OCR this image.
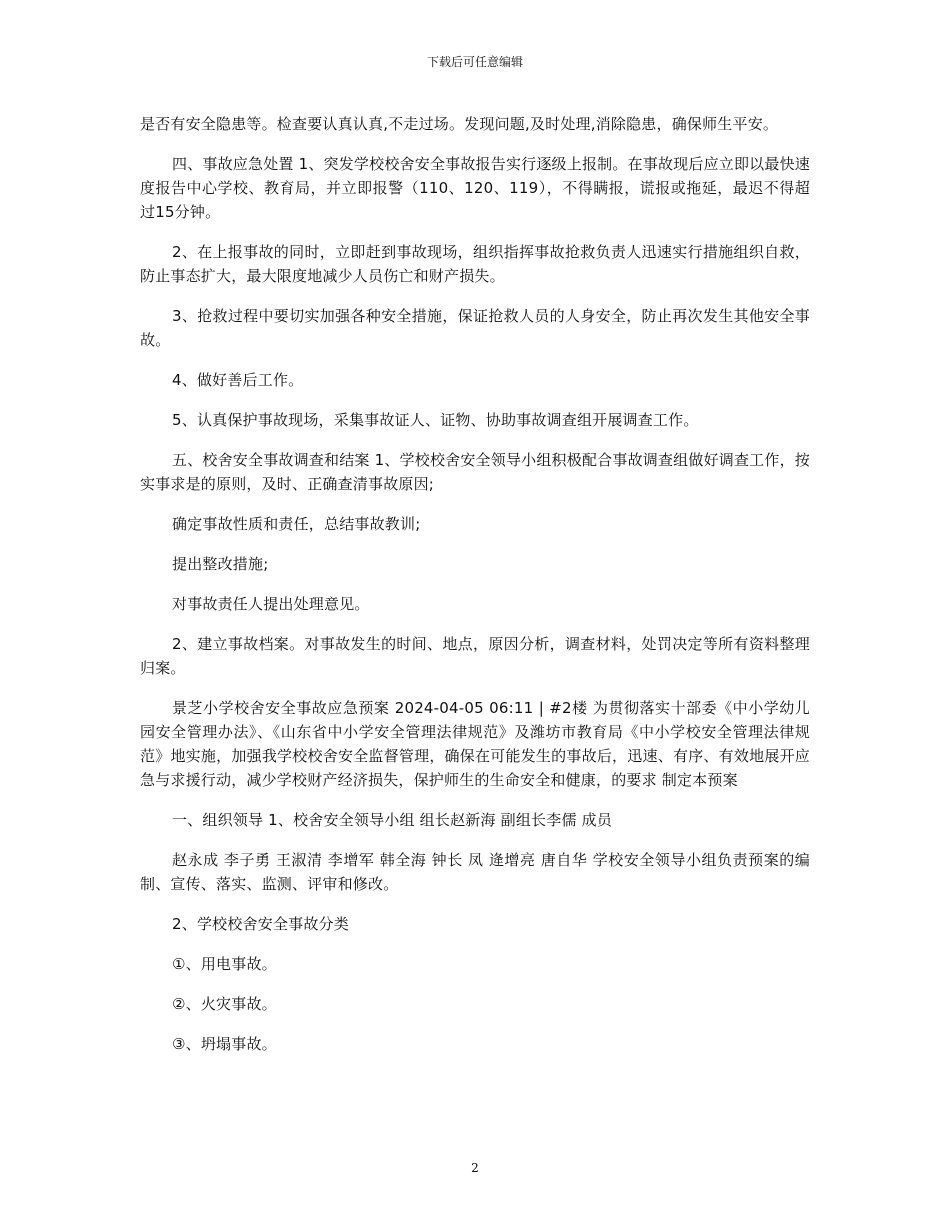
下载后可任意编辑

是否有安全隐患等。检查要认真认真,不走过场。发现问题,及时处理,消除隐患，确保师生平安。

四、事故应急处置 1、突发学校校舍安全事故报告实行逐级上报制。在事故现后应立即以最快速度报告中心学校、教育局，并立即报警（110、120、119），不得瞒报，谎报或拖延，最迟不得超过15分钟。

2、在上报事故的同时，立即赶到事故现场，组织指挥事故抢救负责人迅速实行措施组织自救，防止事态扩大，最大限度地减少人员伤亡和财产损失。

3、抢救过程中要切实加强各种安全措施，保证抢救人员的人身安全，防止再次发生其他安全事故。

4、做好善后工作。

5、认真保护事故现场，采集事故证人、证物、协助事故调查组开展调查工作。

五、校舍安全事故调查和结案 1、学校校舍安全领导小组积极配合事故调查组做好调查工作，按实事求是的原则，及时、正确查清事故原因;

确定事故性质和责任，总结事故教训;

提出整改措施;

对事故责任人提出处理意见。

2、建立事故档案。对事故发生的时间、地点，原因分析，调查材料，处罚决定等所有资料整理归案。

景芝小学校舍安全事故应急预案 2024-04-05 06:11 | #2楼 为贯彻落实十部委《中小学幼儿园安全管理办法》、《山东省中小学安全管理法律规范》及潍坊市教育局《中小学校安全管理法律规范》地实施，加强我学校校舍安全监督管理，确保在可能发生的事故后，迅速、有序、有效地展开应急与求援行动，减少学校财产经济损失，保护师生的生命安全和健康，的要求 制定本预案

一、组织领导 1、校舍安全领导小组 组长赵新海 副组长李儒 成员

赵永成 李子勇 王淑清 李增军 韩全海 钟长 凤 逄增亮 唐自华 学校安全领导小组负责预案的编制、宣传、落实、监测、评审和修改。

2、学校校舍安全事故分类

①、用电事故。

②、火灾事故。

③、坍塌事故。

2
